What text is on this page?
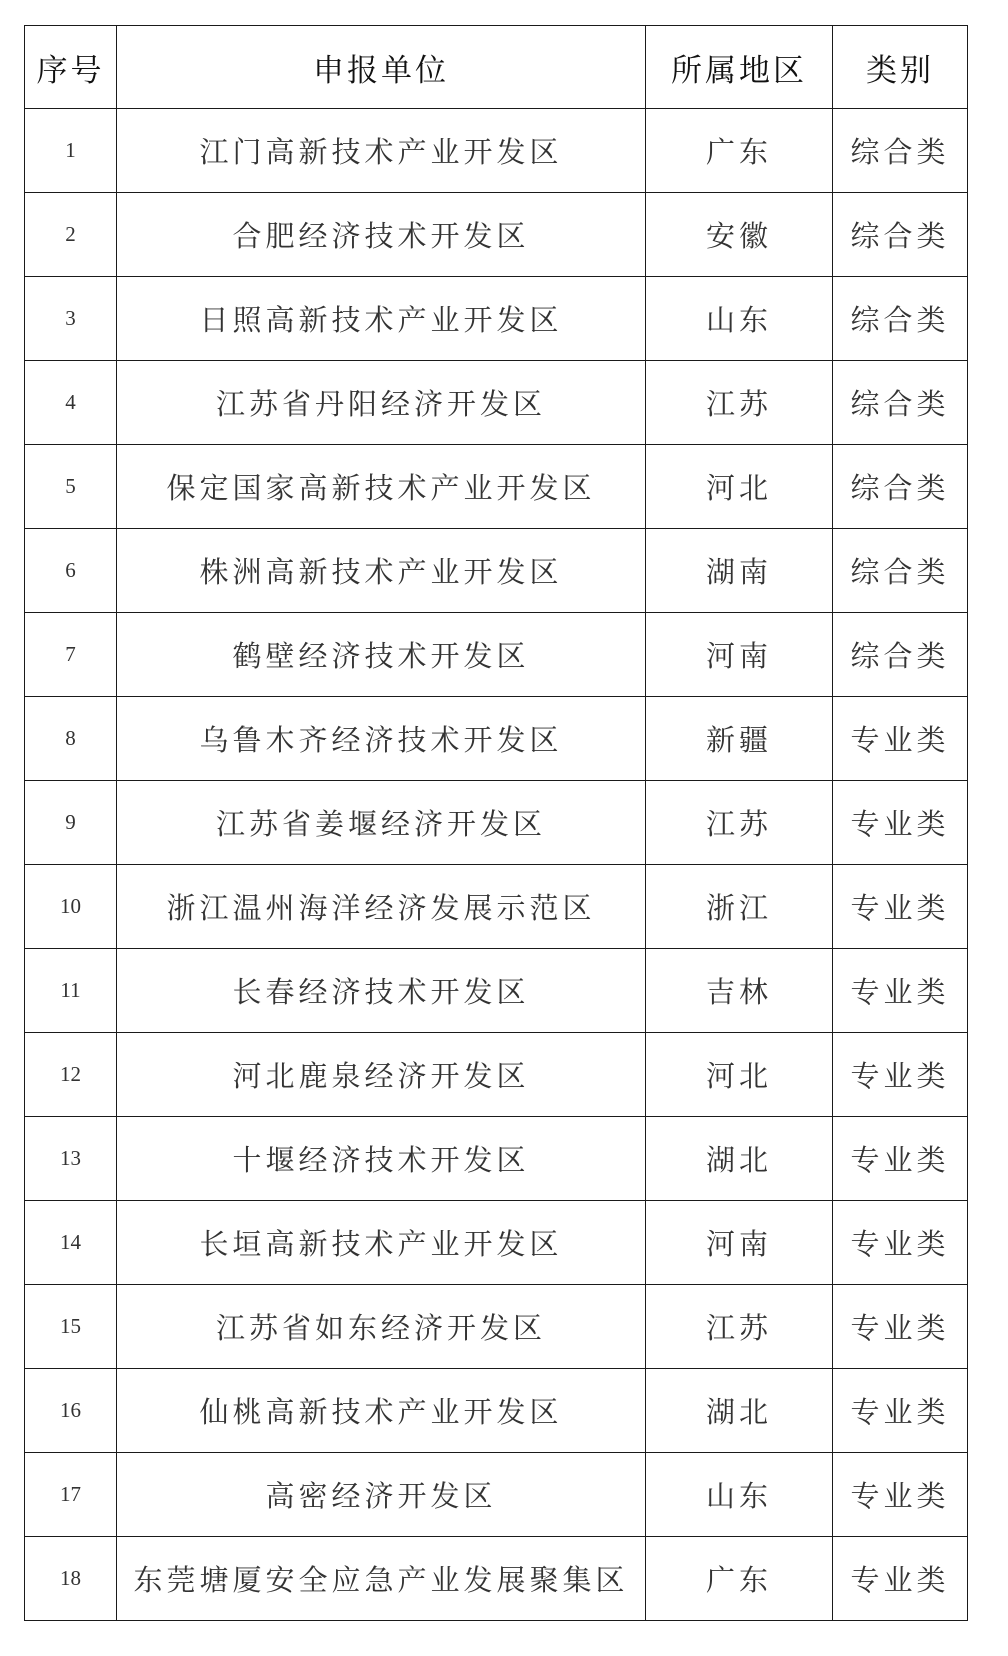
序号	申报单位	所属地区	类别
1	江门高新技术产业开发区	广东	综合类
2	合肥经济技术开发区	安徽	综合类
3	日照高新技术产业开发区	山东	综合类
4	江苏省丹阳经济开发区	江苏	综合类
5	保定国家高新技术产业开发区	河北	综合类
6	株洲高新技术产业开发区	湖南	综合类
7	鹤壁经济技术开发区	河南	综合类
8	乌鲁木齐经济技术开发区	新疆	专业类
9	江苏省姜堰经济开发区	江苏	专业类
10	浙江温州海洋经济发展示范区	浙江	专业类
11	长春经济技术开发区	吉林	专业类
12	河北鹿泉经济开发区	河北	专业类
13	十堰经济技术开发区	湖北	专业类
14	长垣高新技术产业开发区	河南	专业类
15	江苏省如东经济开发区	江苏	专业类
16	仙桃高新技术产业开发区	湖北	专业类
17	高密经济开发区	山东	专业类
18	东莞塘厦安全应急产业发展聚集区	广东	专业类
